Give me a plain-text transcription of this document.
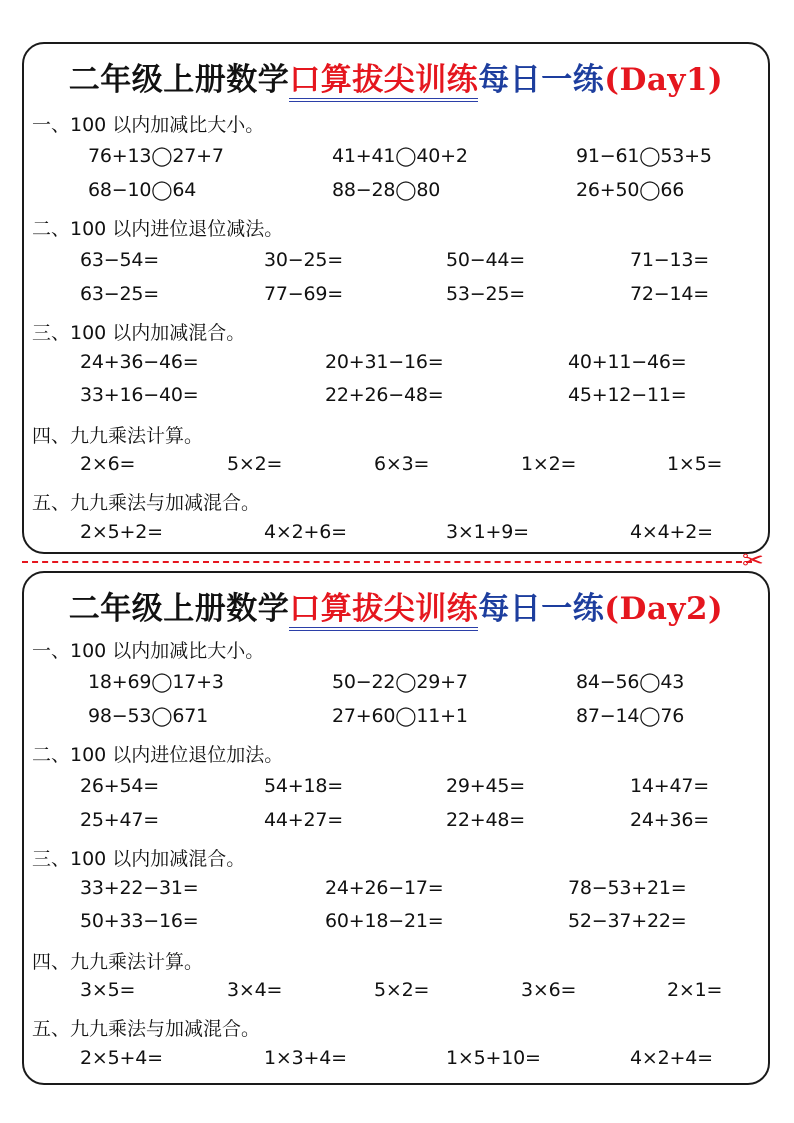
二年级上册数学口算拔尖训练每日一练(Day1)
一、100 以内加减比大小。
76+13◯27+7	41+41◯40+2	91−61◯53+5
68−10◯64	88−28◯80	26+50◯66
二、100 以内进位退位减法。
63−54=	30−25=	50−44=	71−13=
63−25=	77−69=	53−25=	72−14=
三、100 以内加减混合。
24+36−46=	20+31−16=	40+11−46=
33+16−40=	22+26−48=	45+12−11=
四、九九乘法计算。
2×6=	5×2=	6×3=	1×2=	1×5=
五、九九乘法与加减混合。
2×5+2=	4×2+6=	3×1+9=	4×4+2=
✂
二年级上册数学口算拔尖训练每日一练(Day2)
一、100 以内加减比大小。
18+69◯17+3	50−22◯29+7	84−56◯43
98−53◯671	27+60◯11+1	87−14◯76
二、100 以内进位退位加法。
26+54=	54+18=	29+45=	14+47=
25+47=	44+27=	22+48=	24+36=
三、100 以内加减混合。
33+22−31=	24+26−17=	78−53+21=
50+33−16=	60+18−21=	52−37+22=
四、九九乘法计算。
3×5=	3×4=	5×2=	3×6=	2×1=
五、九九乘法与加减混合。
2×5+4=	1×3+4=	1×5+10=	4×2+4=
